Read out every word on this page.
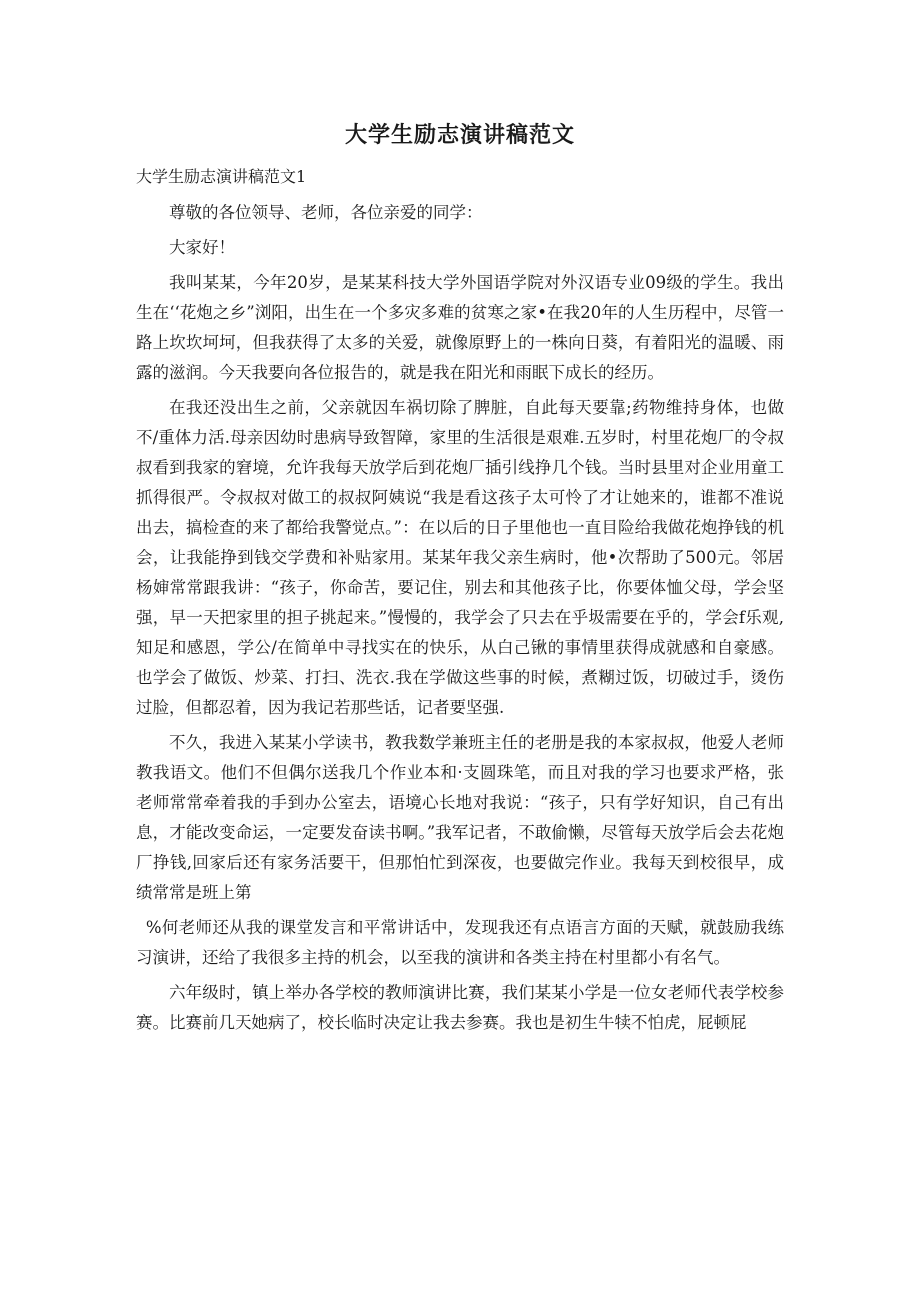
大学生励志演讲稿范文
大学生励志演讲稿范文1

尊敬的各位领导、老师，各位亲爱的同学：

大家好！

我叫某某，今年20岁，是某某科技大学外国语学院对外汉语专业09级的学生。我出生在‘‘花炮之乡”浏阳，出生在一个多灾多难的贫寒之家•在我20年的人生历程中，尽管一路上坎坎坷坷，但我获得了太多的关爱，就像原野上的一株向日葵，有着阳光的温暖、雨露的滋润。今天我要向各位报告的，就是我在阳光和雨眠下成长的经历。

在我还没出生之前，父亲就因车祸切除了脾脏，自此每天要靠;药物维持身体，也做不/重体力活.母亲因幼时患病导致智障，家里的生活很是艰难.五岁时，村里花炮厂的令叔叔看到我家的窘境，允许我每天放学后到花炮厂插引线挣几个钱。当时县里对企业用童工抓得很严。令叔叔对做工的叔叔阿姨说“我是看这孩子太可怜了才让她来的，谁都不准说出去，搞检查的来了都给我警觉点。”：在以后的日子里他也一直目险给我做花炮挣钱的机会，让我能挣到钱交学费和补贴家用。某某年我父亲生病时，他•次帮助了500元。邻居杨婶常常跟我讲：“孩子，你命苦，要记住，别去和其他孩子比，你要体恤父母，学会坚强，早一天把家里的担子挑起来。”慢慢的，我学会了只去在乎圾需要在乎的，学会f乐观,知足和感恩，学公/在简单中寻找实在的快乐，从白己锹的事情里获得成就感和自豪感。也学会了做饭、炒菜、打扫、洗衣.我在学做这些事的时候，煮糊过饭，切破过手，烫伤过脸，但都忍着，因为我记若那些话，记者要坚强.

不久，我进入某某小学读书，教我数学兼班主任的老册是我的本家叔叔，他爱人老师教我语文。他们不但偶尔送我几个作业本和·支圆珠笔，而且对我的学习也要求严格，张老师常常牵着我的手到办公室去，语境心长地对我说：“孩子，只有学好知识，自己有出息，才能改变命运，一定要发奋读书啊。”我军记者，不敢偷懒，尽管每天放学后会去花炮厂挣钱,回家后还有家务活要干，但那怕忙到深夜，也要做完作业。我每天到校很早，成绩常常是班上第

%何老师还从我的课堂发言和平常讲话中，发现我还有点语言方面的天赋，就鼓励我练习演讲，还给了我很多主持的机会，以至我的演讲和各类主持在村里都小有名气。

六年级时，镇上举办各学校的教师演讲比赛，我们某某小学是一位女老师代表学校参赛。比赛前几天她病了，校长临时决定让我去参赛。我也是初生牛犊不怕虎，屁顿屁
